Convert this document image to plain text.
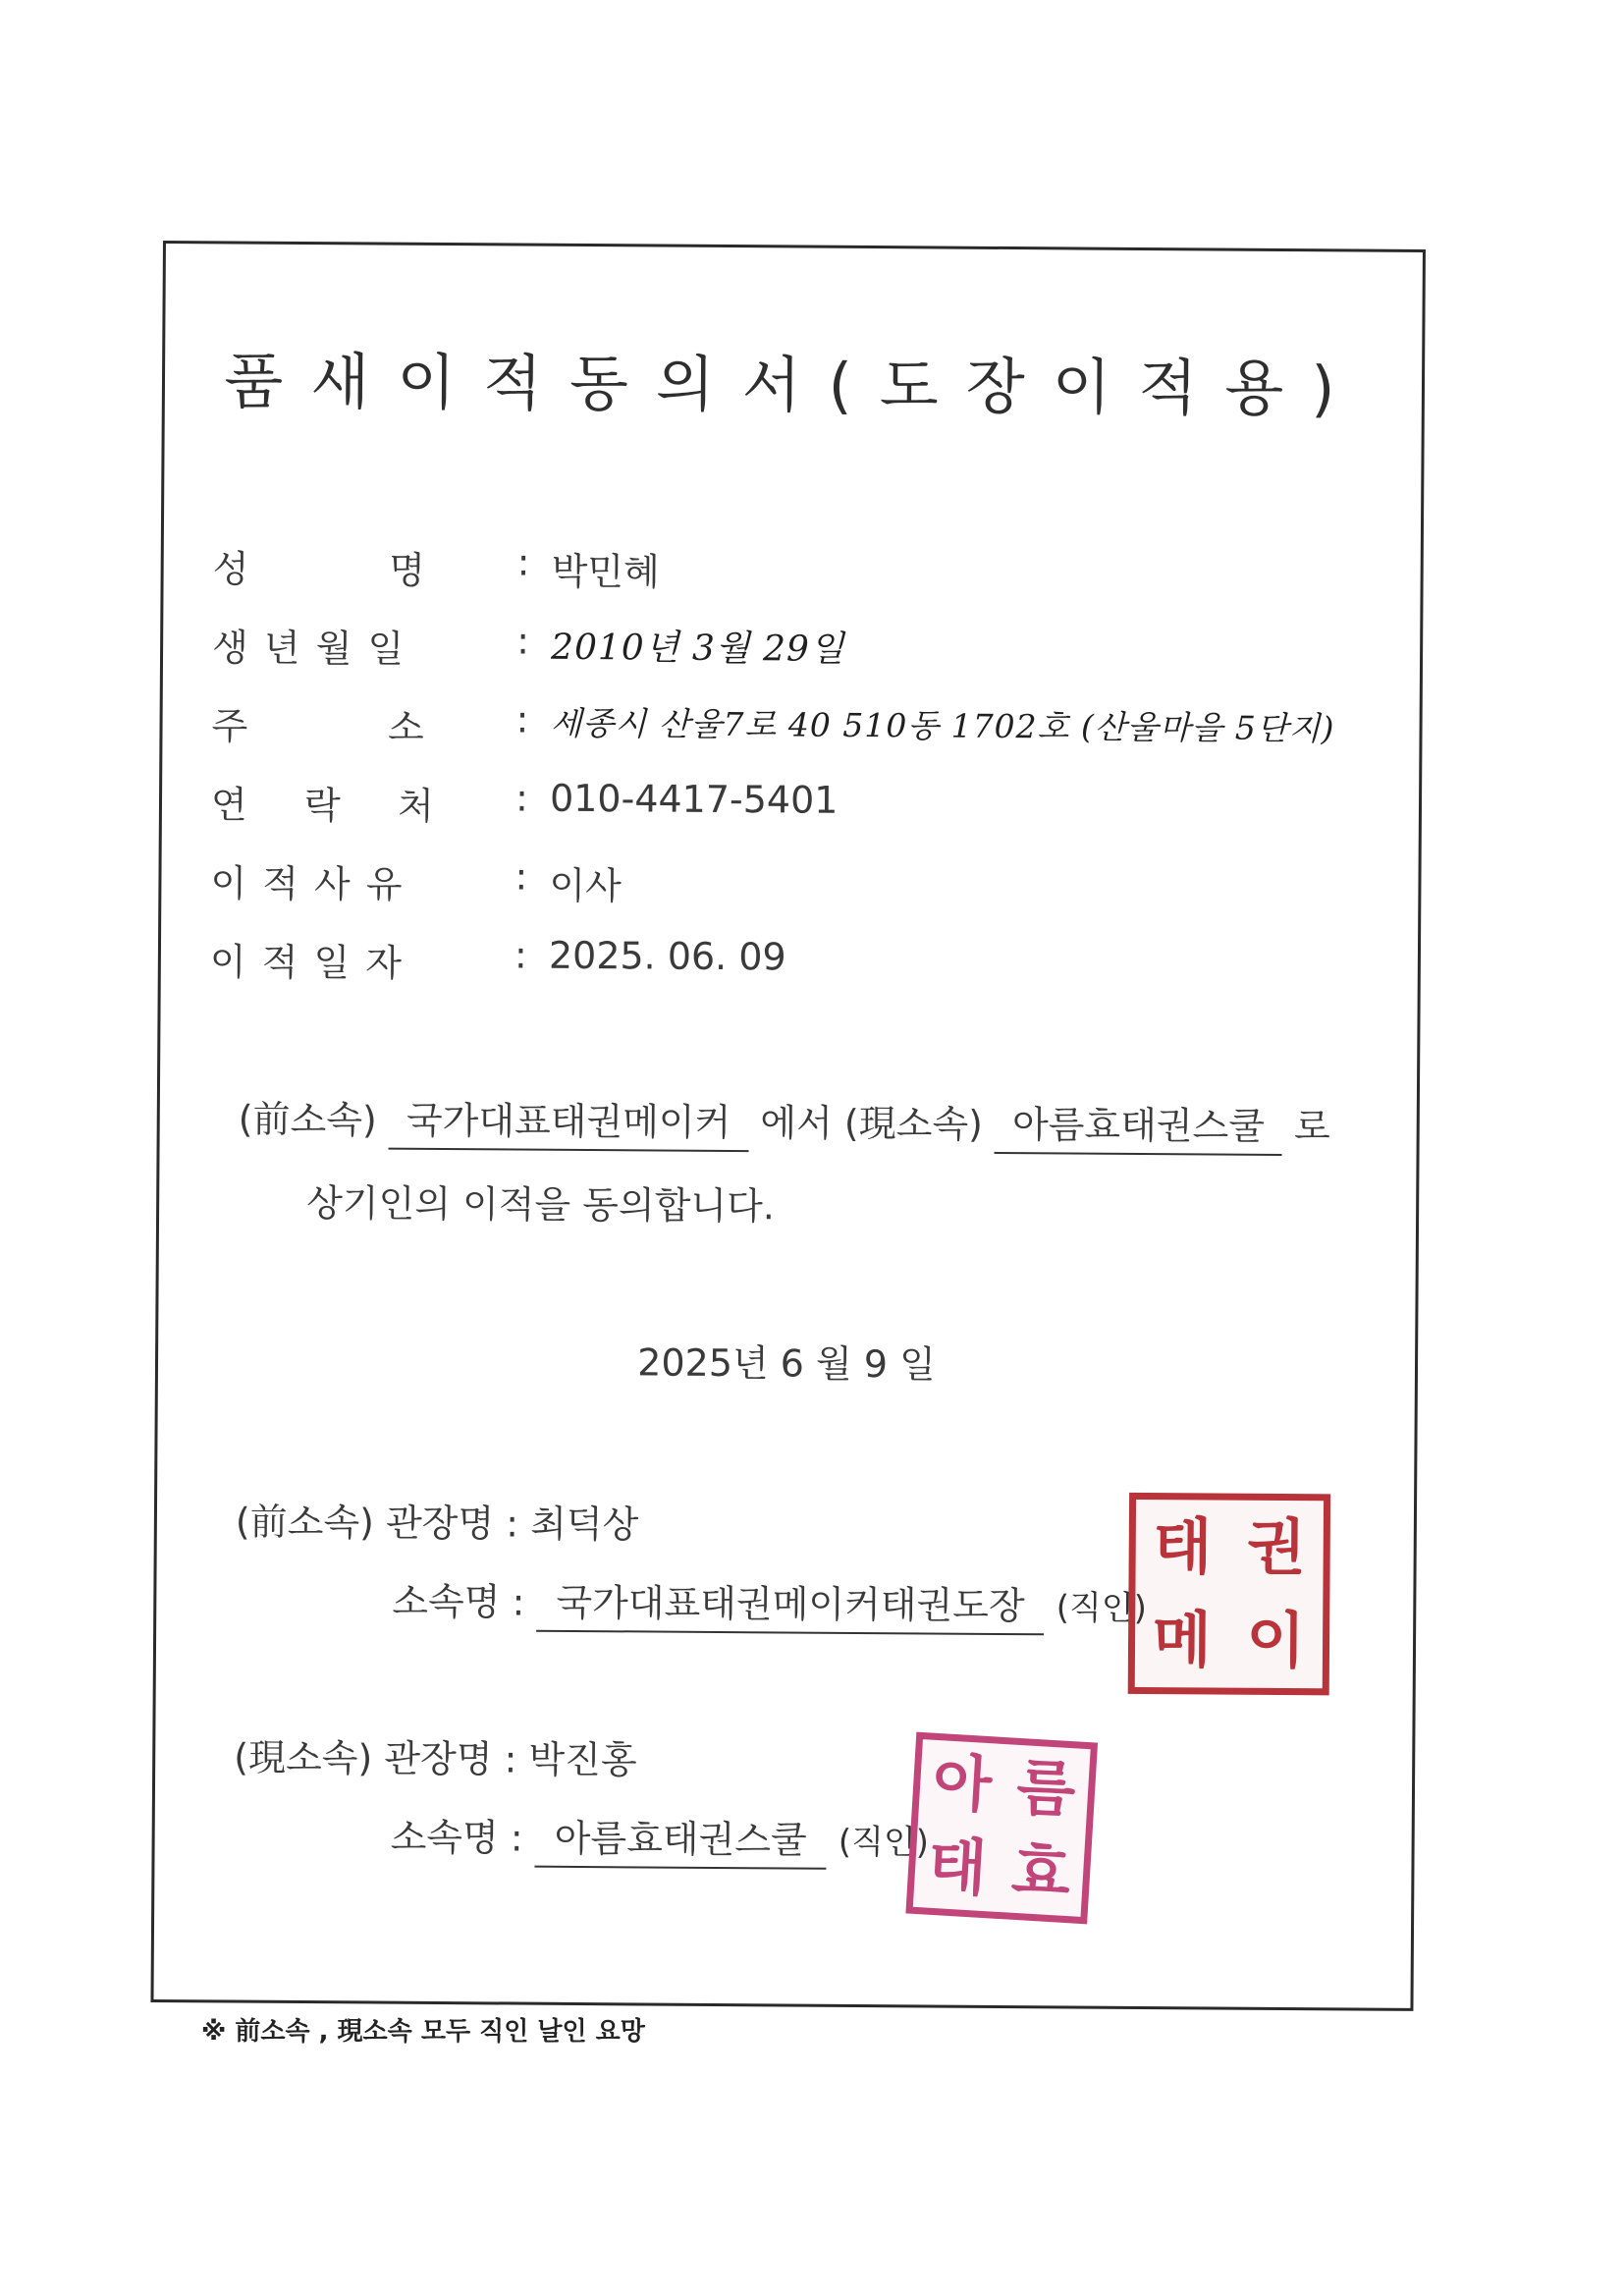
품새이적동의서(도장이적용)
성          명 : 박민혜
생 년 월 일	: 2010년 3월 29일
주          소 : 세종시 산울7로 40 510동 1702호 (산울마을 5단지)
연    락    처 : 010-4417-5401
이 적 사 유	: 이사
이 적 일 자	: 2025. 06. 09
(前소속) 국가대표태권메이커 에서 (現소속) 아름효태권스쿨 로
상기인의 이적을 동의합니다.
2025년 6 월 9 일
(前소속) 관장명 : 최덕상
소속명 : 국가대표태권메이커태권도장 (직인)
태 권
메 이
(現소속) 관장명 : 박진홍
소속명 : 아름효태권스쿨 (직인)
아 름
태 효
※ 前소속 , 現소속 모두 직인 날인 요망
